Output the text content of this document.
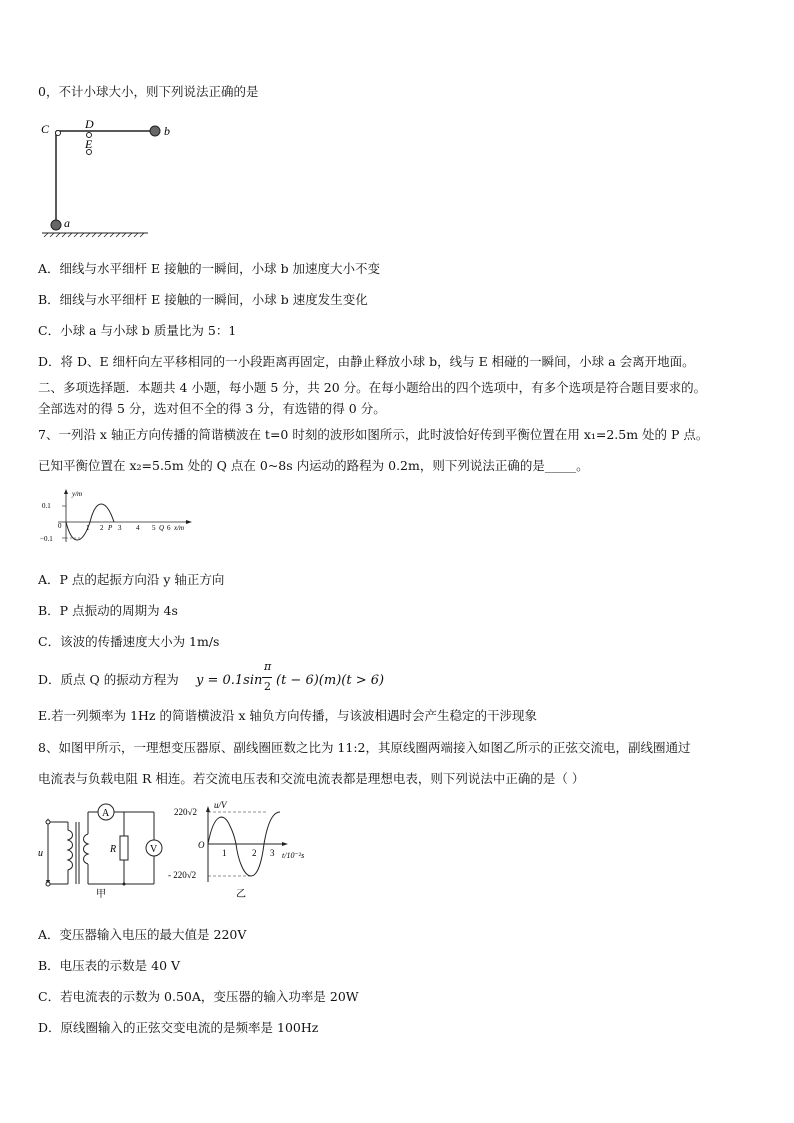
0，不计小球大小，则下列说法正确的是
C	D
E
b
a
A．细线与水平细杆 E 接触的一瞬间，小球 b 加速度大小不变
B．细线与水平细杆 E 接触的一瞬间，小球 b 速度发生变化
C．小球 a 与小球 b 质量比为 5：1
D．将 D、E 细杆向左平移相同的一小段距离再固定，由静止释放小球 b，线与 E 相碰的一瞬间，小球 a 会离开地面。
二、多项选择题．本题共 4 小题，每小题 5 分，共 20 分。在每小题给出的四个选项中，有多个选项是符合题目要求的。
全部选对的得 5 分，选对但不全的得 3 分，有选错的得 0 分。
7、一列沿 x 轴正方向传播的简谐横波在 t=0 时刻的波形如图所示，此时波恰好传到平衡位置在用 x₁=2.5m 处的 P 点。
已知平衡位置在 x₂=5.5m 处的 Q 点在 0~8s 内运动的路程为 0.2m，则下列说法正确的是_____。
y/m
0.1
−0.1
0	1 2 P 3 4 5 Q 6 x/m
A．P 点的起振方向沿 y 轴正方向
B．P 点振动的周期为 4s
C．该波的传播速度大小为 1m/s
D．质点 Q 的振动方程为 y = 0.1sin
π
2 (t − 6)(m)(t > 6)
E.若一列频率为 1Hz 的简谐横波沿 x 轴负方向传播，与该波相遇时会产生稳定的干涉现象
8、如图甲所示，一理想变压器原、副线圈匝数之比为 11:2，其原线圈两端接入如图乙所示的正弦交流电，副线圈通过
电流表与负载电阻 R 相连。若交流电压表和交流电流表都是理想电表，则下列说法中正确的是（ ）
u
A
R	V
甲
u/V
220√2
- 220√2
O
1	2 3 t/10⁻²s
乙
A．变压器输入电压的最大值是 220V
B．电压表的示数是 40 V
C．若电流表的示数为 0.50A，变压器的输入功率是 20W
D．原线圈输入的正弦交变电流的是频率是 100Hz
